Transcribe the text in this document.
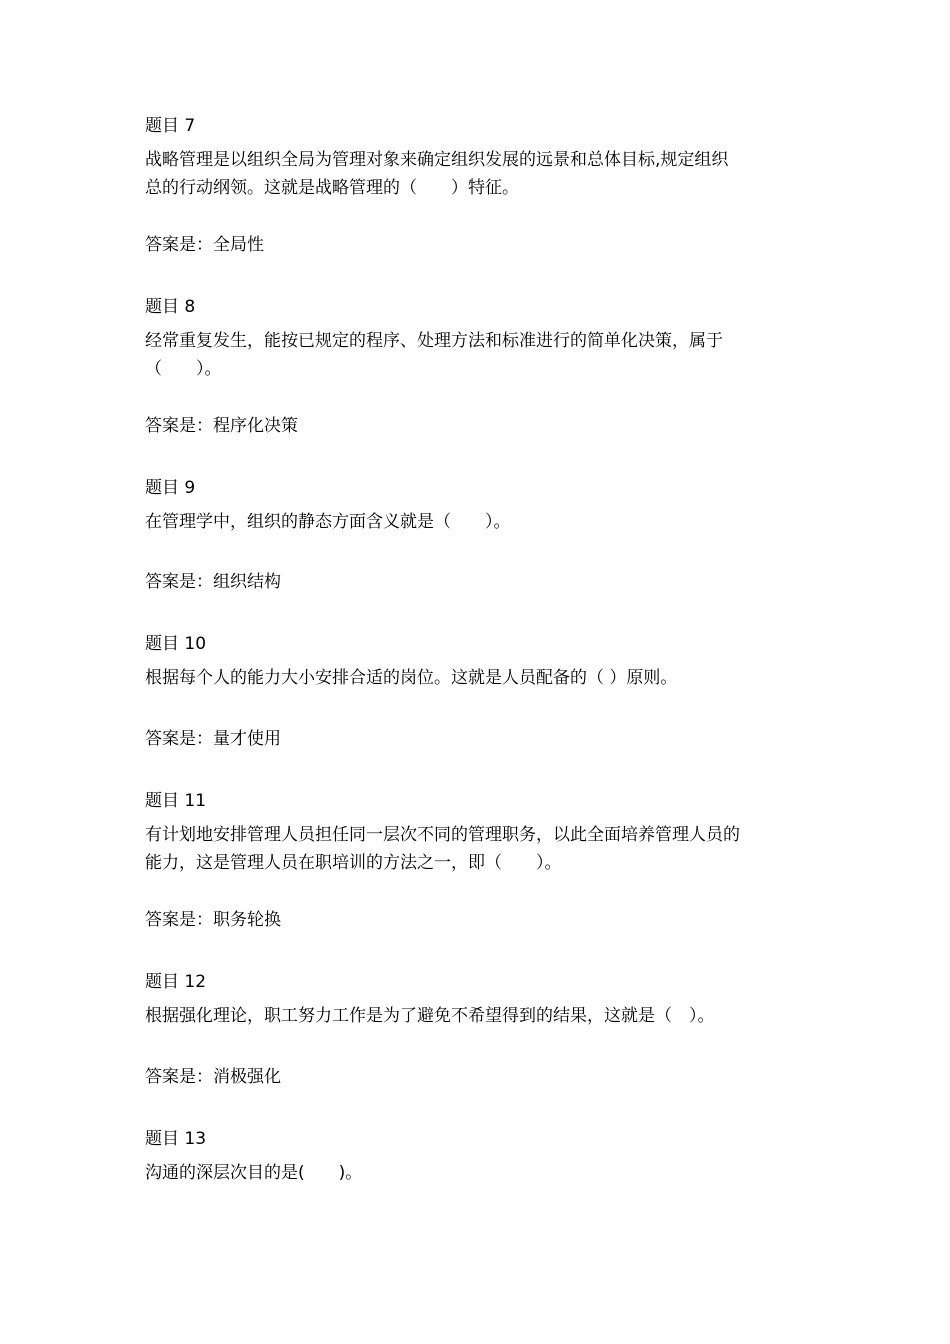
题目 7

战略管理是以组织全局为管理对象来确定组织发展的远景和总体目标,规定组织

总的行动纲领。这就是战略管理的（　　）特征。

答案是：全局性

题目 8

经常重复发生，能按已规定的程序、处理方法和标准进行的简单化决策，属于

（　　）。

答案是：程序化决策

题目 9

在管理学中，组织的静态方面含义就是（　　）。

答案是：组织结构

题目 10

根据每个人的能力大小安排合适的岗位。这就是人员配备的（ ）原则。

答案是：量才使用

题目 11

有计划地安排管理人员担任同一层次不同的管理职务，以此全面培养管理人员的

能力，这是管理人员在职培训的方法之一，即（　　）。

答案是：职务轮换

题目 12

根据强化理论，职工努力工作是为了避免不希望得到的结果，这就是（　）。

答案是：消极强化

题目 13

沟通的深层次目的是(　　)。
